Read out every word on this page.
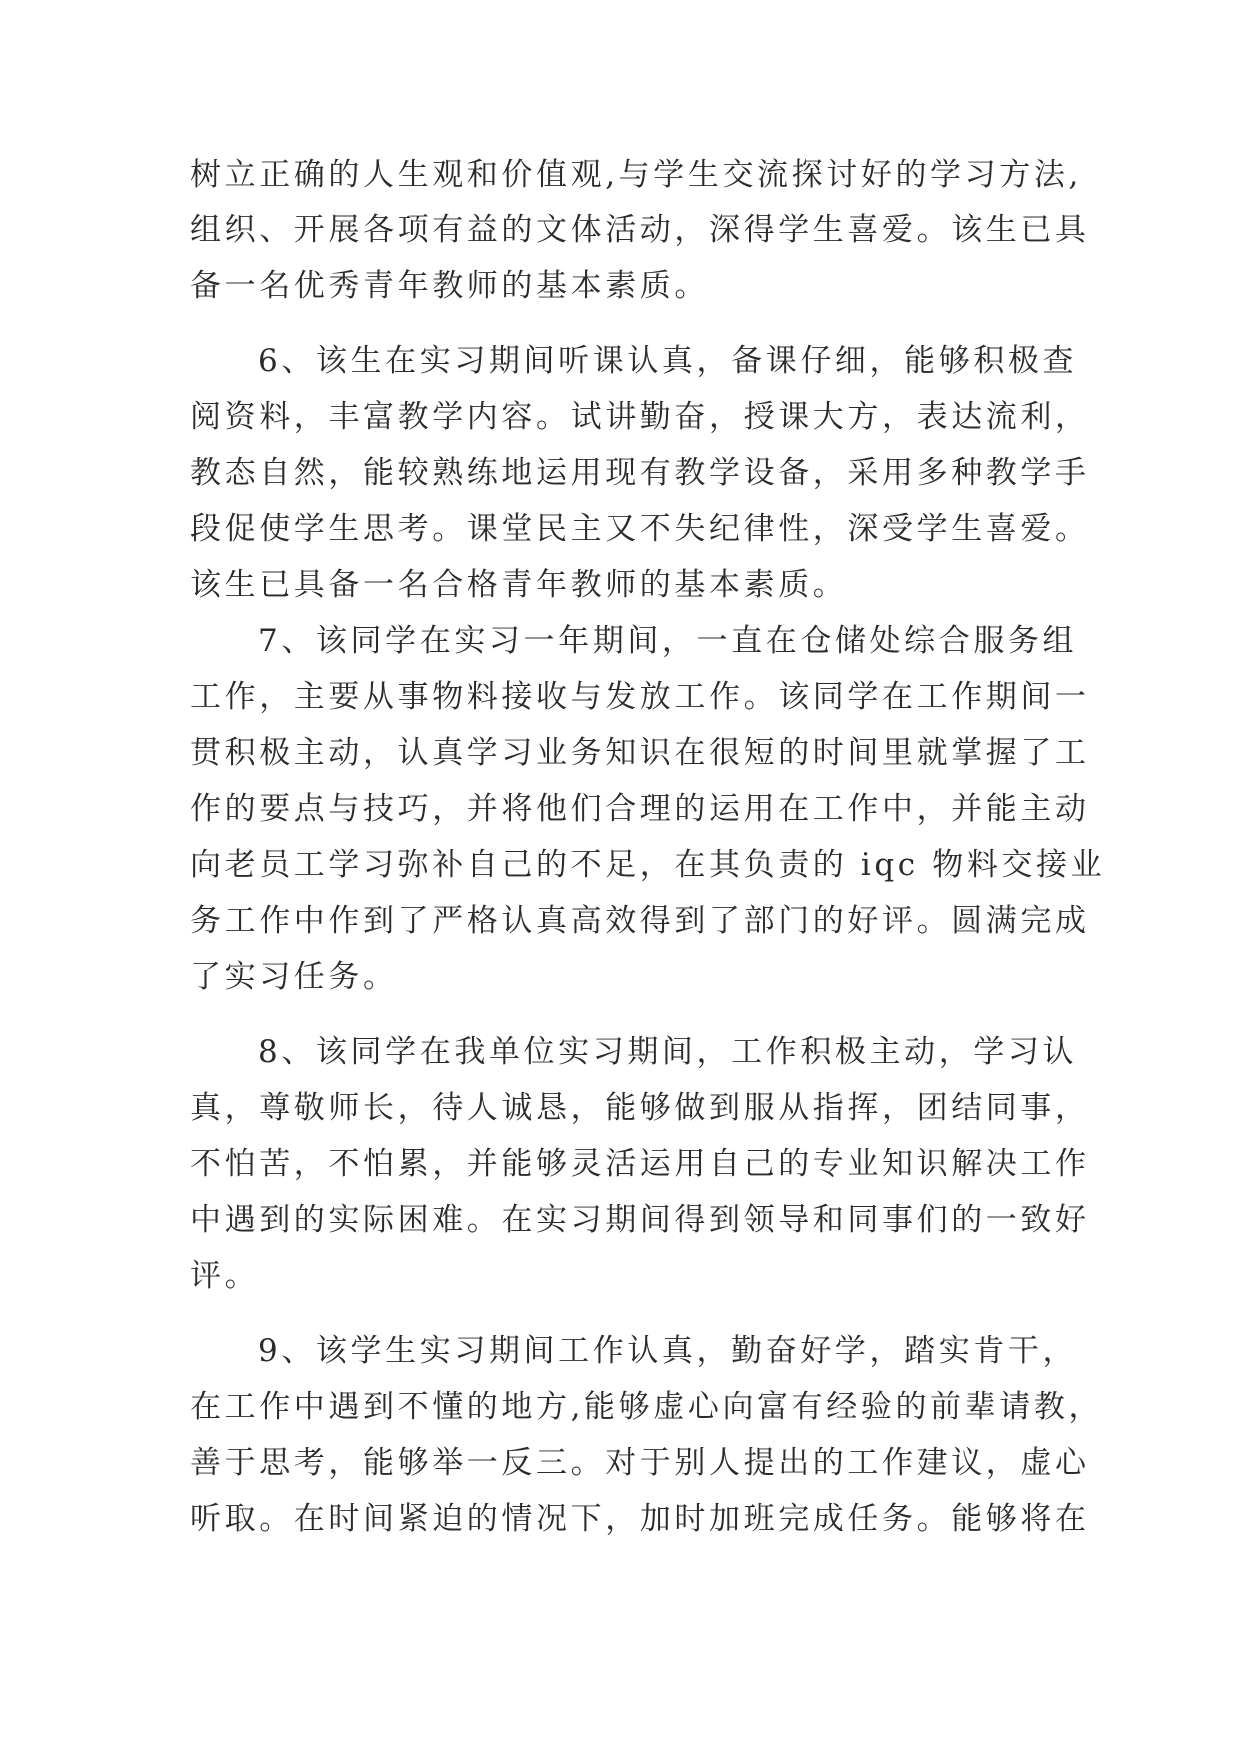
树立正确的人生观和价值观,与学生交流探讨好的学习方法,
组织、开展各项有益的文体活动，深得学生喜爱。该生已具
备一名优秀青年教师的基本素质。
6、该生在实习期间听课认真，备课仔细，能够积极查
阅资料，丰富教学内容。试讲勤奋，授课大方，表达流利，
教态自然，能较熟练地运用现有教学设备，采用多种教学手
段促使学生思考。课堂民主又不失纪律性，深受学生喜爱。
该生已具备一名合格青年教师的基本素质。
7、该同学在实习一年期间，一直在仓储处综合服务组
工作，主要从事物料接收与发放工作。该同学在工作期间一
贯积极主动，认真学习业务知识在很短的时间里就掌握了工
作的要点与技巧，并将他们合理的运用在工作中，并能主动
向老员工学习弥补自己的不足，在其负责的 iqc 物料交接业
务工作中作到了严格认真高效得到了部门的好评。圆满完成
了实习任务。
8、该同学在我单位实习期间，工作积极主动，学习认
真，尊敬师长，待人诚恳，能够做到服从指挥，团结同事，
不怕苦，不怕累，并能够灵活运用自己的专业知识解决工作
中遇到的实际困难。在实习期间得到领导和同事们的一致好
评。
9、该学生实习期间工作认真，勤奋好学，踏实肯干，
在工作中遇到不懂的地方,能够虚心向富有经验的前辈请教，
善于思考，能够举一反三。对于别人提出的工作建议，虚心
听取。在时间紧迫的情况下，加时加班完成任务。能够将在
